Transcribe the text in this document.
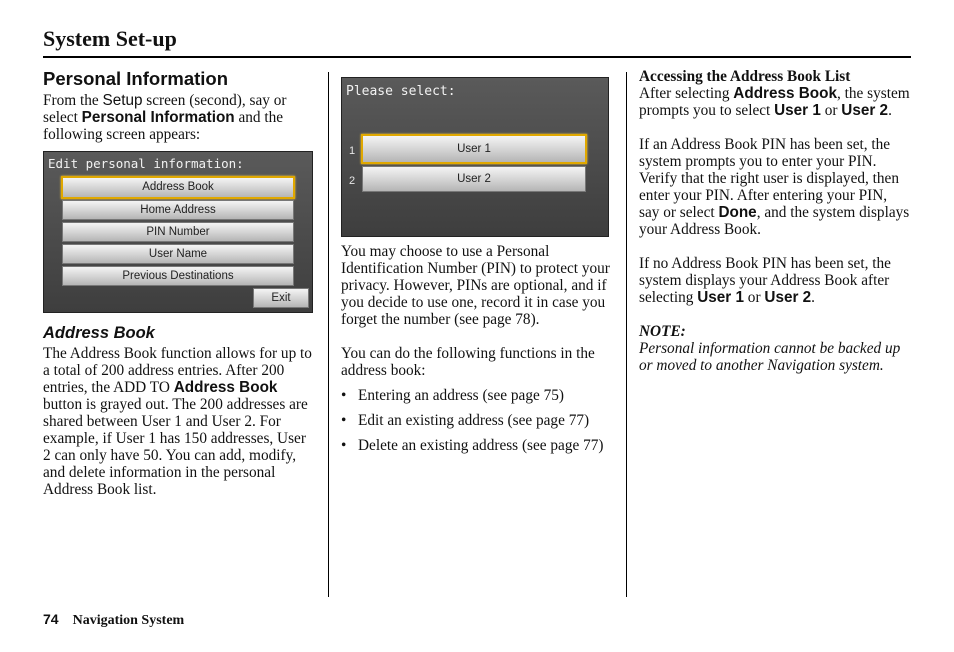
System Set-up
Personal Information

From the Setup screen (second), say or select Personal Information and the following screen appears:

Edit personal information:
Address Book
Home Address
PIN Number
User Name
Previous Destinations
Exit
Address Book

The Address Book function allows for up to a total of 200 address entries. After 200 entries, the ADD TO Address Book button is grayed out. The 200 addresses are shared between User 1 and User 2. For example, if User 1 has 150 addresses, User 2 can only have 50. You can add, modify, and delete information in the personal Address Book list.

Please select:
1	User 1
2	User 2

You may choose to use a Personal Identification Number (PIN) to protect your privacy. However, PINs are optional, and if you decide to use one, record it in case you forget the number (see page 78).

You can do the following functions in the address book:

• Entering an address (see page 75)
• Edit an existing address (see page 77)
• Delete an existing address (see page 77)

Accessing the Address Book List

After selecting Address Book, the system prompts you to select User 1 or User 2.

If an Address Book PIN has been set, the system prompts you to enter your PIN. Verify that the right user is displayed, then enter your PIN. After entering your PIN, say or select Done, and the system displays your Address Book.

If no Address Book PIN has been set, the system displays your Address Book after selecting User 1 or User 2.

NOTE:

Personal information cannot be backed up or moved to another Navigation system.

74 Navigation System
